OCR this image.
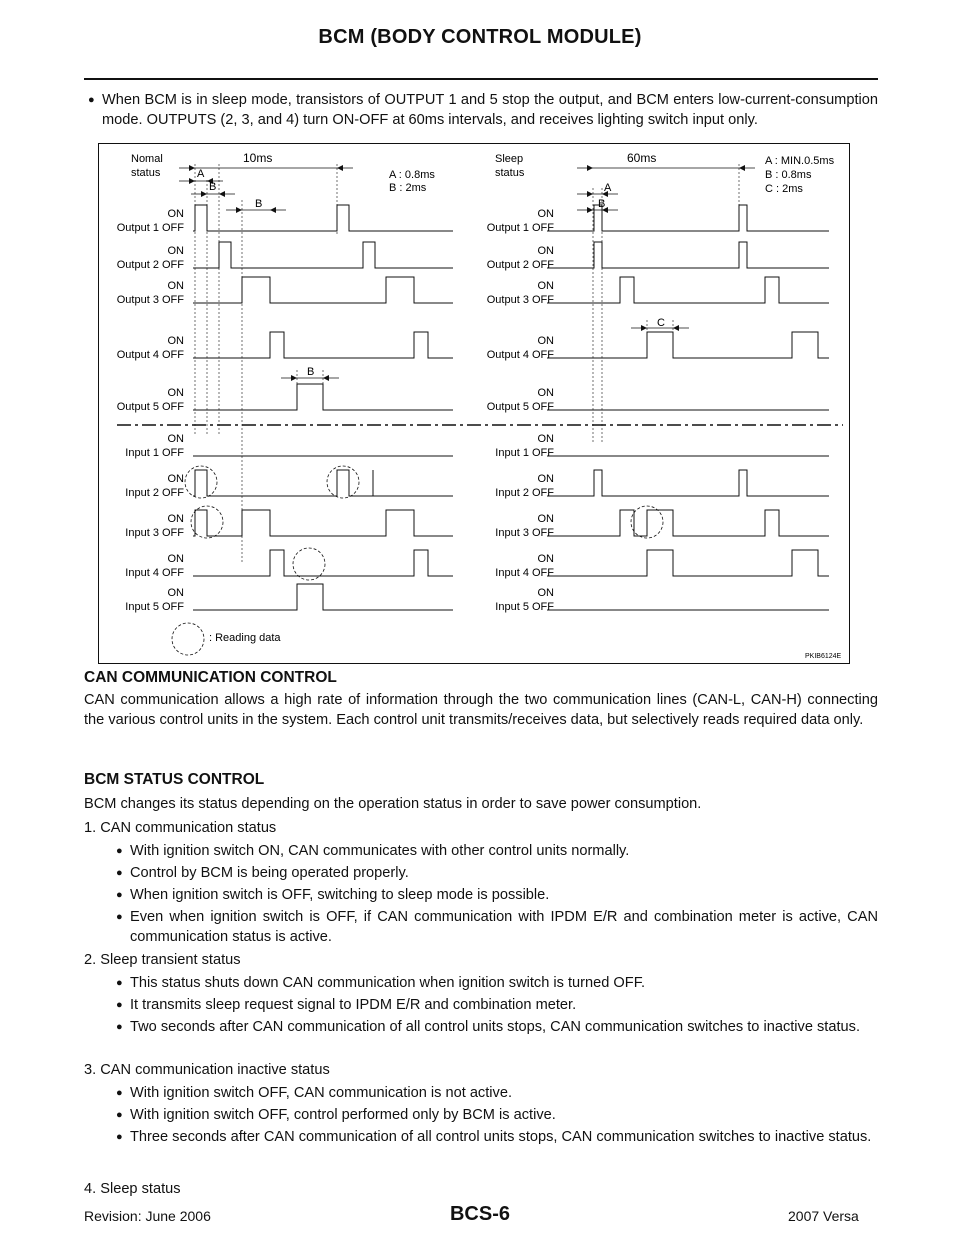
BCM (BODY CONTROL MODULE)
● When BCM is in sleep mode, transistors of OUTPUT 1 and 5 stop the output, and BCM enters low-current-consumption mode. OUTPUTS (2, 3, and 4) turn ON-OFF at 60ms intervals, and receives lighting switch input only.
ON
Output 1 OFF
ON
Output 1 OFF
ON
Output 2 OFF
ON
Output 2 OFF
ON
Output 3 OFF
ON
Output 3 OFF
ON
Output 4 OFF
ON
Output 4 OFF
ON
Output 5 OFF
ON
Output 5 OFF
ON
Input 1 OFF
ON
Input 1 OFF
ON
Input 2 OFF
ON
Input 2 OFF
ON
Input 3 OFF
ON
Input 3 OFF
ON
Input 4 OFF
ON
Input 4 OFF
ON
Input 5 OFF
ON
Input 5 OFF
Nomal
status
10ms
A : 0.8ms
B : 2ms
Sleep
status
60ms	A : MIN.0.5ms
B : 0.8ms
C : 2ms
A
B
B
B
A
B
C
: Reading data
PKIB6124E
CAN COMMUNICATION CONTROL
CAN communication allows a high rate of information through the two communication lines (CAN-L, CAN-H) connecting the various control units in the system. Each control unit transmits/receives data, but selectively reads required data only.
BCM STATUS CONTROL
BCM changes its status depending on the operation status in order to save power consumption.
1. CAN communication status
● With ignition switch ON, CAN communicates with other control units normally.
● Control by BCM is being operated properly.
● When ignition switch is OFF, switching to sleep mode is possible.
● Even when ignition switch is OFF, if CAN communication with IPDM E/R and combination meter is active, CAN communication status is active.
2. Sleep transient status
● This status shuts down CAN communication when ignition switch is turned OFF.
● It transmits sleep request signal to IPDM E/R and combination meter.
● Two seconds after CAN communication of all control units stops, CAN communication switches to inactive status.
3. CAN communication inactive status
● With ignition switch OFF, CAN communication is not active.
● With ignition switch OFF, control performed only by BCM is active.
● Three seconds after CAN communication of all control units stops, CAN communication switches to inactive status.
4. Sleep status
Revision: June 2006	BCS-6	2007 Versa
